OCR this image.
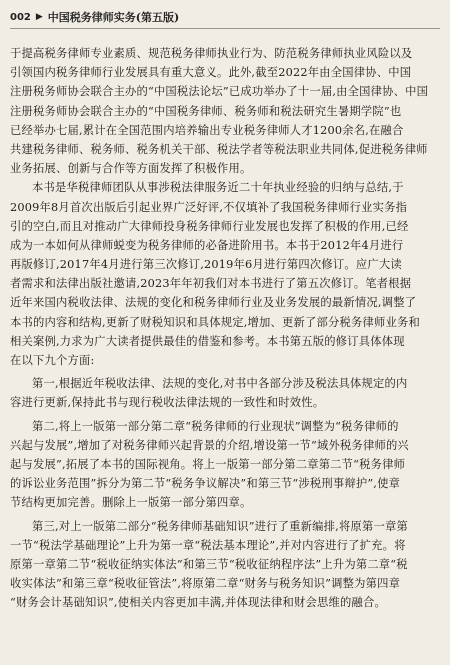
002 ▶ 中国税务律师实务(第五版)
于提高税务律师专业素质、规范税务律师执业行为、防范税务律师执业风险以及
引领国内税务律师行业发展具有重大意义。此外,截至2022年由全国律协、中国
注册税务师协会联合主办的“中国税法论坛”已成功举办了十一届,由全国律协、中国
注册税务师协会联合主办的“中国税务律师、税务师和税法研究生暑期学院”也
已经举办七届,累计在全国范围内培养输出专业税务律师人才1200余名,在融合
共建税务律师、税务师、税务机关干部、税法学者等税法职业共同体,促进税务律师
业务拓展、创新与合作等方面发挥了积极作用。
本书是华税律师团队从事涉税法律服务近二十年执业经验的归纳与总结,于
2009年8月首次出版后引起业界广泛好评,不仅填补了我国税务律师行业实务指
引的空白,而且对推动广大律师投身税务律师行业发展也发挥了积极的作用,已经
成为一本如何从律师蜕变为税务律师的必备进阶用书。本书于2012年4月进行
再版修订,2017年4月进行第三次修订,2019年6月进行第四次修订。应广大读
者需求和法律出版社邀请,2023年年初我们对本书进行了第五次修订。笔者根据
近年来国内税收法律、法规的变化和税务律师行业及业务发展的最新情况,调整了
本书的内容和结构,更新了财税知识和具体规定,增加、更新了部分税务律师业务和
相关案例,力求为广大读者提供最佳的借鉴和参考。本书第五版的修订具体体现
在以下九个方面:
第一,根据近年税收法律、法规的变化,对书中各部分涉及税法具体规定的内
容进行更新,保持此书与现行税收法律法规的一致性和时效性。
第二,将上一版第一部分第二章“税务律师的行业现状”调整为“税务律师的
兴起与发展”,增加了对税务律师兴起背景的介绍,增设第一节“域外税务律师的兴
起与发展”,拓展了本书的国际视角。将上一版第一部分第二章第二节“税务律师
的诉讼业务范围”拆分为第二节“税务争议解决”和第三节“涉税刑事辩护”,使章
节结构更加完善。删除上一版第一部分第四章。
第三,对上一版第二部分“税务律师基础知识”进行了重新编排,将原第一章第
一节“税法学基础理论”上升为第一章“税法基本理论”,并对内容进行了扩充。将
原第一章第二节“税收征纳实体法”和第三节“税收征纳程序法”上升为第二章“税
收实体法”和第三章“税收征管法”,将原第二章“财务与税务知识”调整为第四章
“财务会计基础知识”,使相关内容更加丰满,并体现法律和财会思维的融合。
